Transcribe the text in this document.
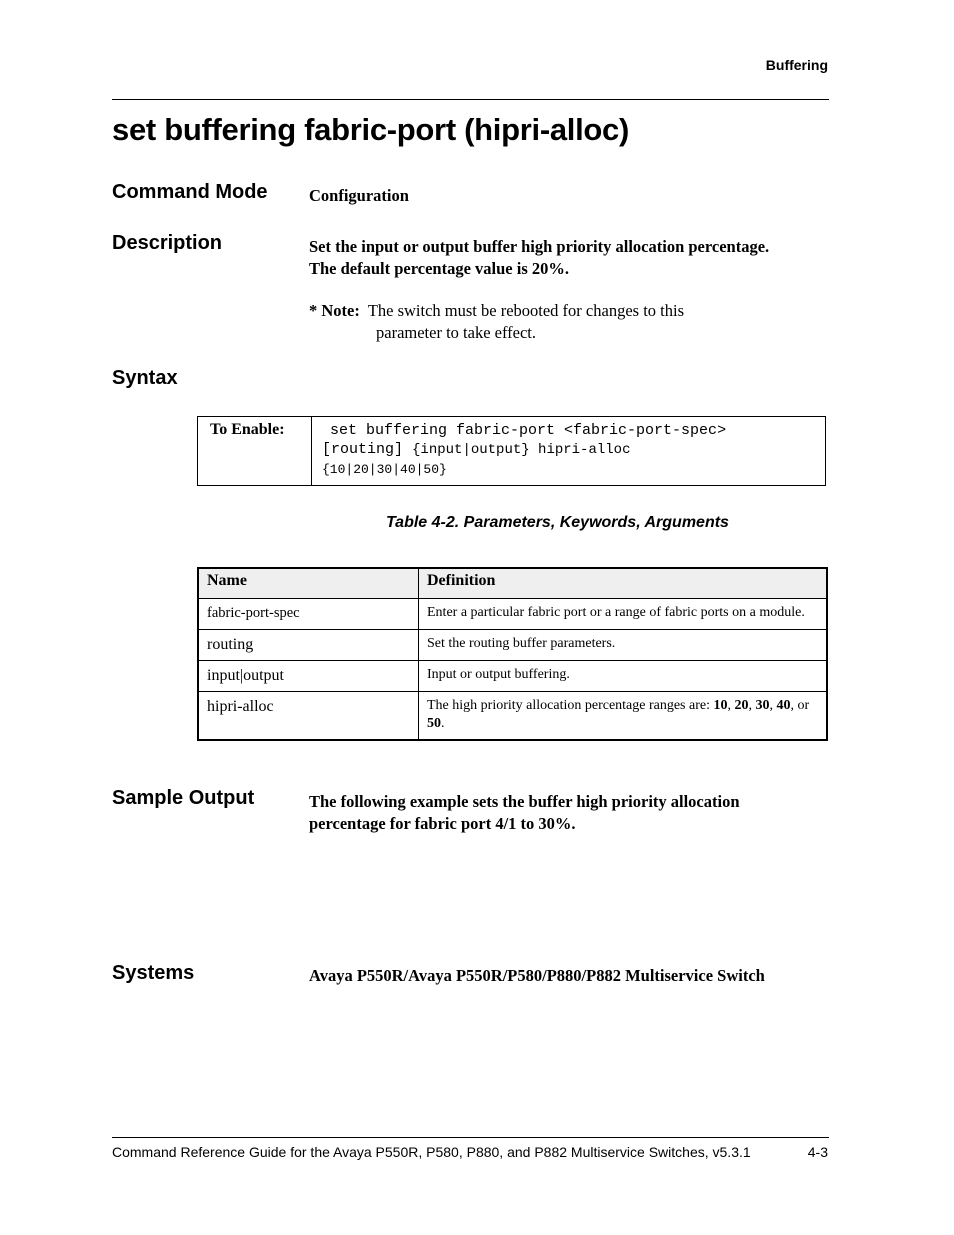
Buffering
set buffering fabric-port (hipri-alloc)
Command Mode	Configuration
Description	Set the input or output buffer high priority allocation percentage. The default percentage value is 20%.
* Note: The switch must be rebooted for changes to this
parameter to take effect.
Syntax
To Enable:	set buffering fabric-port <fabric-port-spec>
[routing] {input|output} hipri-alloc
{10|20|30|40|50}
Table 4-2. Parameters, Keywords, Arguments
Name	Definition
fabric-port-spec	Enter a particular fabric port or a range of fabric ports on a module.
routing	Set the routing buffer parameters.
input|output	Input or output buffering.
hipri-alloc	The high priority allocation percentage ranges are: 10, 20, 30, 40, or 50.
Sample Output	The following example sets the buffer high priority allocation percentage for fabric port 4/1 to 30%.
Systems	Avaya P550R/Avaya P550R/P580/P880/P882 Multiservice Switch
Command Reference Guide for the Avaya P550R, P580, P880, and P882 Multiservice Switches, v5.3.1	4-3
